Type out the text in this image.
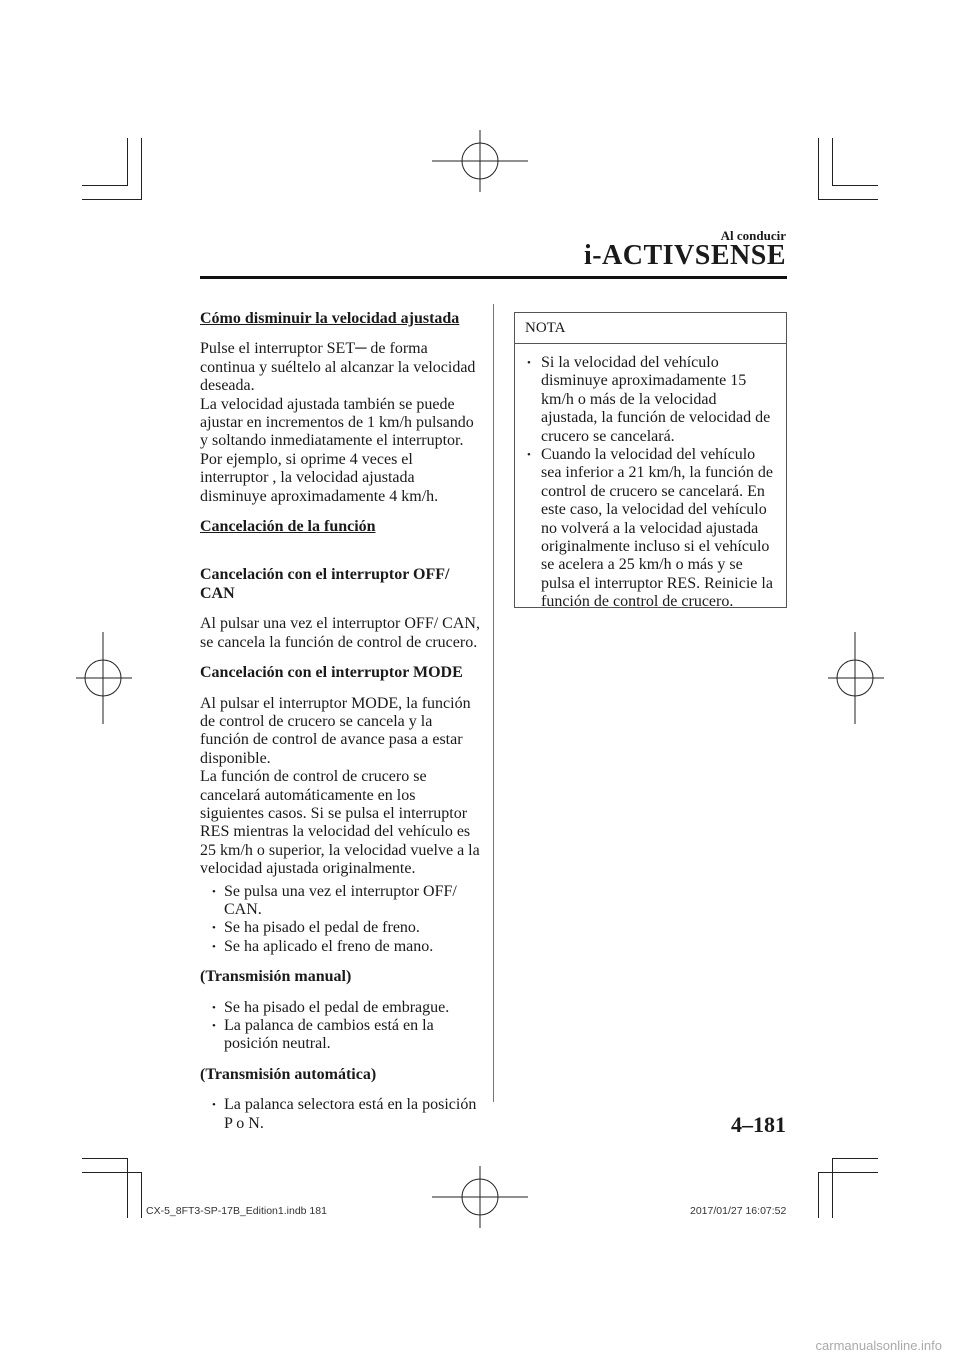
Al conducir
i-ACTIVSENSE

Cómo disminuir la velocidad ajustada

Pulse el interruptor SET─ de forma continua y suéltelo al alcanzar la velocidad deseada.

La velocidad ajustada también se puede ajustar en incrementos de 1 km/h pulsando y soltando inmediatamente el interruptor. Por ejemplo, si oprime 4 veces el interruptor , la velocidad ajustada disminuye aproximadamente 4 km/h.

Cancelación de la función

Cancelación con el interruptor OFF/ CAN

Al pulsar una vez el interruptor OFF/ CAN, se cancela la función de control de crucero.

Cancelación con el interruptor MODE

Al pulsar el interruptor MODE, la función de control de crucero se cancela y la función de control de avance pasa a estar disponible.

La función de control de crucero se cancelará automáticamente en los siguientes casos. Si se pulsa el interruptor RES mientras la velocidad del vehículo es 25 km/h o superior, la velocidad vuelve a la velocidad ajustada originalmente.

• Se pulsa una vez el interruptor OFF/ CAN.
• Se ha pisado el pedal de freno.
• Se ha aplicado el freno de mano.

(Transmisión manual)

• Se ha pisado el pedal de embrague.
• La palanca de cambios está en la posición neutral.

(Transmisión automática)

• La palanca selectora está en la posición P o N.
NOTA
• Si la velocidad del vehículo disminuye aproximadamente 15 km/h o más de la velocidad ajustada, la función de velocidad de crucero se cancelará.
• Cuando la velocidad del vehículo sea inferior a 21 km/h, la función de control de crucero se cancelará. En este caso, la velocidad del vehículo no volverá a la velocidad ajustada originalmente incluso si el vehículo se acelera a 25 km/h o más y se pulsa el interruptor RES. Reinicie la función de control de crucero.
4–181
CX-5_8FT3-SP-17B_Edition1.indb 181	2017/01/27 16:07:52
carmanualsonline.info
